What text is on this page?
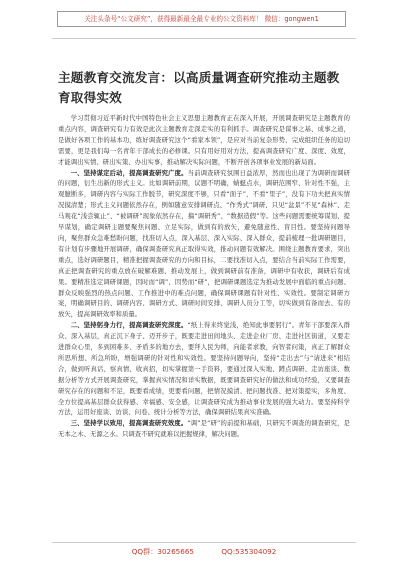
关注头条号“公文研究”，获得最新最全最专业的公文资料库！ 微信：gongwen1
主题教育交流发言：以高质量调查研究推动主题教育取得实效

学习贯彻习近平新时代中国特色社会主义思想主题教育正在深入开展，开展调查研究是主题教育的重点内容，调查研究有力有效是此次主题教育走深走实的有利抓手。调查研究是谋事之基、成事之道，是做好各项工作的基本功，练好调查研究这个“看家本领”，是应对当前复杂形势、完成组织任务的迫切需要，更是我们每一名青年干部成长的必修课。只有用好用对方法，提高调查研究广度、深度、效度，才能调出实情、研出实策、办出实事，推动解决实际问题，不断开创各项事业发展的新局面。

一、坚持谋定后动，提高调查研究广度。当前调查研究氛围日益浓厚，然而也出现了为调研而调研的问题，衍生出新的形式主义。比如调研前期，议题不明确，蜻蜓点水，调研范围窄、针对性不强，主观臆断多，调研内容与实际工作脱节，研究深度不够，只看“面子”，不看“里子”，没有下功夫把真实情况摸清楚；形式主义问题依然存在，例如随意安排调研点、“作秀式”调研、只见“盆景”不见“森林”、走马观花“浅尝辄止”、“被调研”现象依然存在，搞“调研秀”、“数据造假”等。这些问题需要统筹谋划、提早谋划，确定调研主题要聚焦问题、立足实际，做到有的放矢，避免随意性、盲目性。要坚持问题导向，聚焦群众急难愁盼问题，找准切入点，深入基层、深入实际、深入群众，提前梳理一批调研题目，有计划有步骤地开展调研，确保调查研究真正取得实效，推动问题有效解决。围绕主题教育要求，突出重点，选好调研题目，精准把握调查研究的方向和目标，二要找准切入点，要结合当前实际工作需要，真正把调查研究的重点放在破解难题、推动发展上，做到调研前有准备，调研中有收获，调研后有成果。要精准选定调研课题，因时而“调”、因势而“研”，把调研课题选定为推动发展中面临的重点问题、群众反映强烈的热点问题、工作推进中的难点问题，确保调研课题有针对性、实效性。要制定调研方案，明确调研目的、调研内容、调研方式、调研时间安排、调研人员分工等，切实做到有备而去、有的放矢，提高调研效率和质量。

二、坚持躬身力行，提高调查研究深度。“纸上得来终觉浅，绝知此事要躬行”。青年干部要深入群众、深入基层，真正沉下身子、迈开步子，既要走进田间地头、走进企业厂房、走进社区街道，又要走进群众心里，多到困难多、矛盾多的地方去，要拜人民为师，向能者求教，向智者问策，真正了解群众所思所想、所急所盼，增强调研的针对性和实效性。要坚持问题导向，坚持“走出去”与“请进来”相结合，做到听真话、察真情、收真招，切实掌握第一手资料，要通过深入实地、蹲点调研、走访座谈、数据分析等方式开展调查研究，掌握真实情况和详实数据，既要调查研究好的做法和成功经验，又要调查研究存在的问题和不足，既要看成绩，更要看问题，把情况摸清、把问题找准、把对策提实，多角度、全方位提高基层群众获得感、幸福感、安全感，让调查研究成为推动事业发展的强大动力。要坚持科学方法，运用好座谈、访谈、问卷、统计分析等方法，确保调研结果真实准确。

三、坚持学以致用，提高调查研究效度。“调”是“研”的前提和基础，只研究不调查的调查研究，是无本之木、无源之水。只调查不研究就难以把握规律，解决问题。

QQ群：30265665	QQ:535304092
